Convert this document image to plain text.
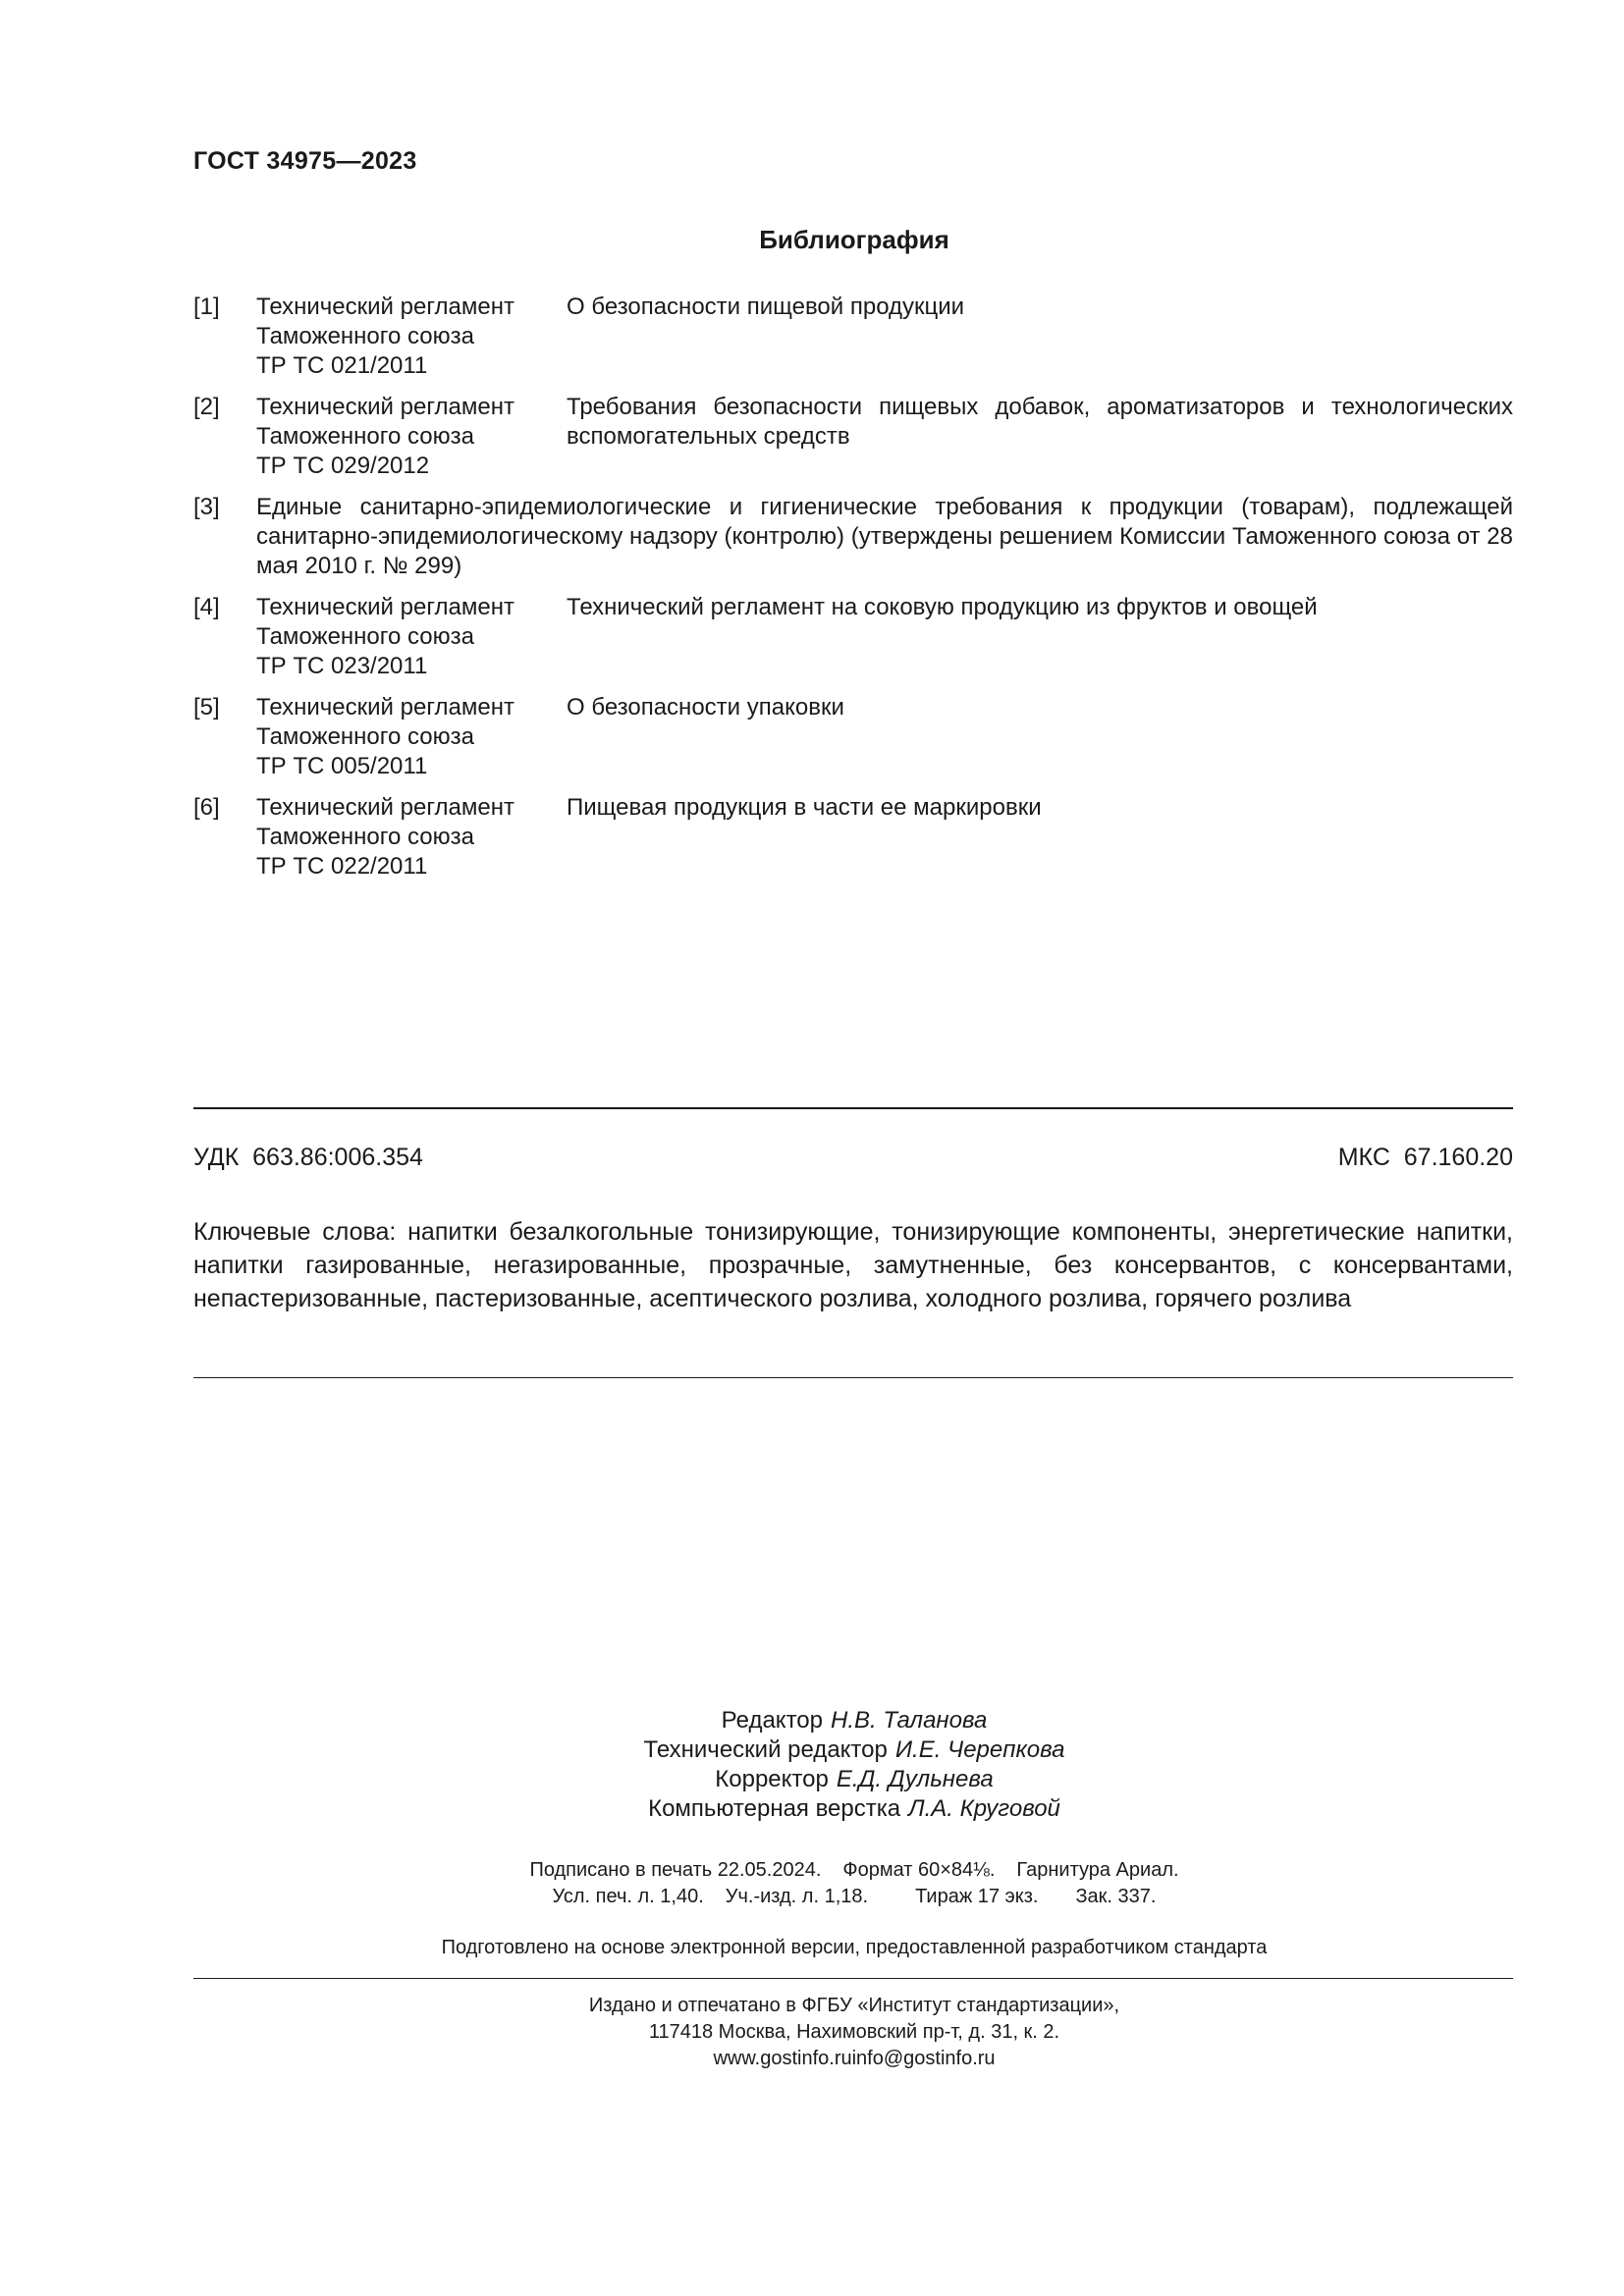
ГОСТ 34975—2023
Библиография
[1] Технический регламент
Таможенного союза
ТР ТС 021/2011
О безопасности пищевой продукции
[2] Технический регламент
Таможенного союза
ТР ТС 029/2012
Требования безопасности пищевых добавок, ароматизаторов и технологических вспомогательных средств
[3] Единые санитарно-эпидемиологические и гигиенические требования к продукции (товарам), подлежащей санитарно-эпидемиологическому надзору (контролю) (утверждены решением Комиссии Таможенного союза от 28 мая 2010 г. № 299)
[4] Технический регламент
Таможенного союза
ТР ТС 023/2011
Технический регламент на соковую продукцию из фруктов и овощей
[5] Технический регламент
Таможенного союза
ТР ТС 005/2011
О безопасности упаковки
[6] Технический регламент
Таможенного союза
ТР ТС 022/2011
Пищевая продукция в части ее маркировки
УДК  663.86:006.354	МКС  67.160.20
Ключевые слова: напитки безалкогольные тонизирующие, тонизирующие компоненты, энергетические напитки, напитки газированные, негазированные, прозрачные, замутненные, без консервантов, с консервантами, непастеризованные, пастеризованные, асептического розлива, холодного розлива, горячего розлива
Редактор Н.В. Таланова
Технический редактор И.Е. Черепкова
Корректор Е.Д. Дульнева
Компьютерная верстка Л.А. Круговой
Подписано в печать 22.05.2024. Формат 60×84⅛. Гарнитура Ариал.
Усл. печ. л. 1,40. Уч.-изд. л. 1,18. Тираж 17 экз. Зак. 337.
Подготовлено на основе электронной версии, предоставленной разработчиком стандарта
Издано и отпечатано в ФГБУ «Институт стандартизации»,
117418 Москва, Нахимовский пр-т, д. 31, к. 2.
www.gostinfo.ruinfo@gostinfo.ru
